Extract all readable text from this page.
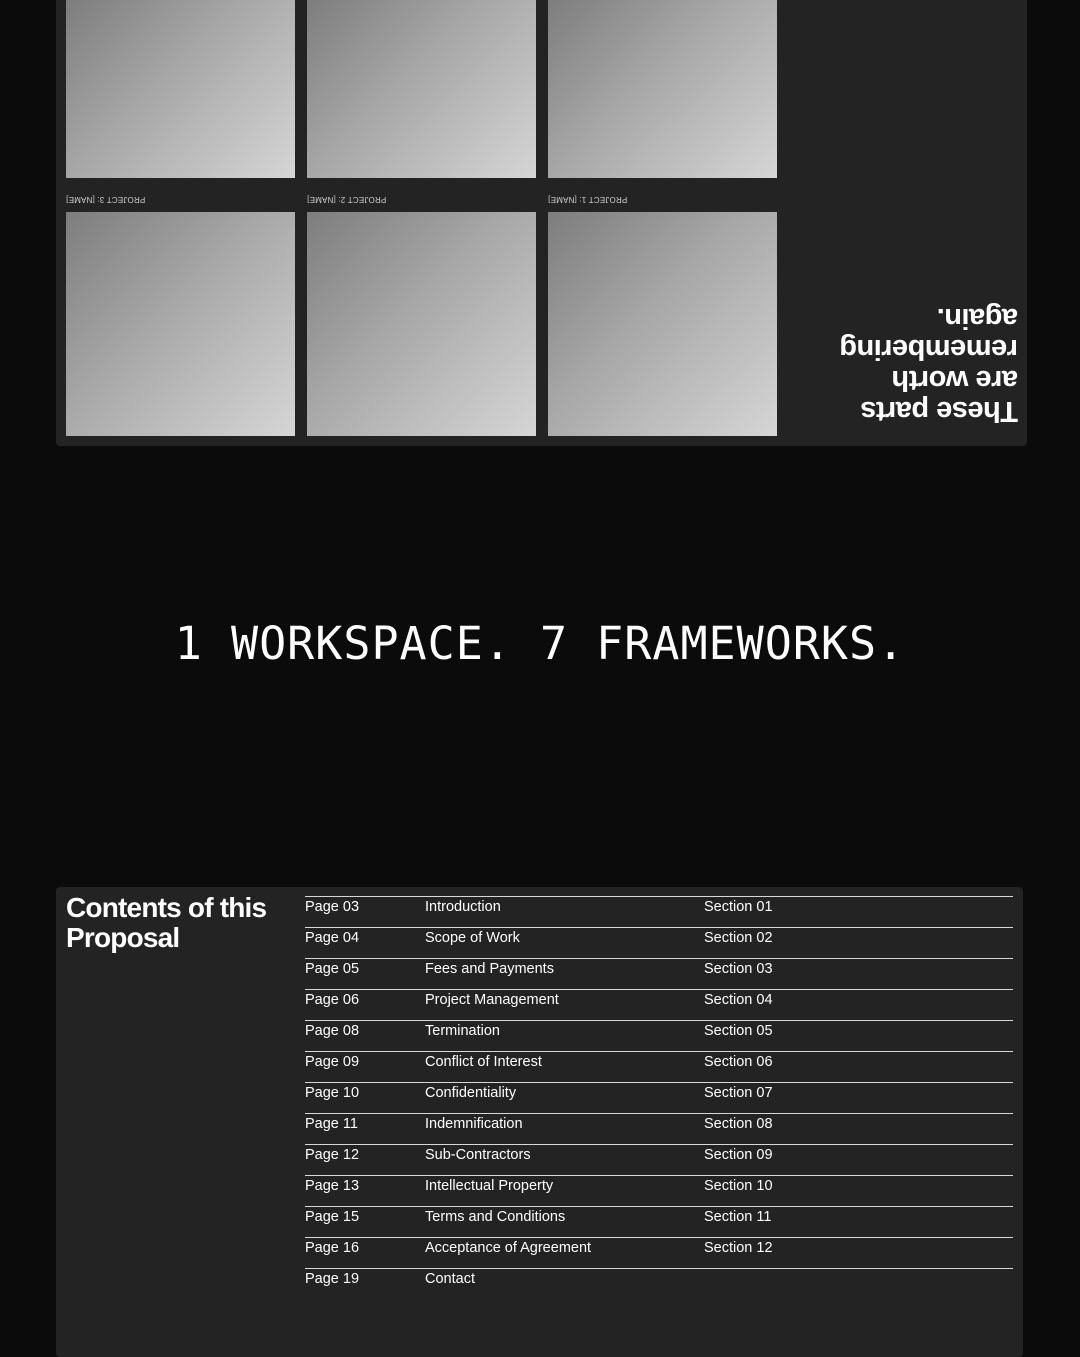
PROJECT 3: [NAME]	PROJECT 2: [NAME]	PROJECT 1: [NAME]
These parts are worth remembering again.
1 WORKSPACE. 7 FRAMEWORKS.
Contents of this Proposal
Page 03	Introduction	Section 01
Page 04	Scope of Work	Section 02
Page 05	Fees and Payments	Section 03
Page 06	Project Management	Section 04
Page 08	Termination	Section 05
Page 09	Conflict of Interest	Section 06
Page 10	Confidentiality	Section 07
Page 11	Indemnification	Section 08
Page 12	Sub-Contractors	Section 09
Page 13	Intellectual Property	Section 10
Page 15	Terms and Conditions	Section 11
Page 16	Acceptance of Agreement	Section 12
Page 19	Contact
